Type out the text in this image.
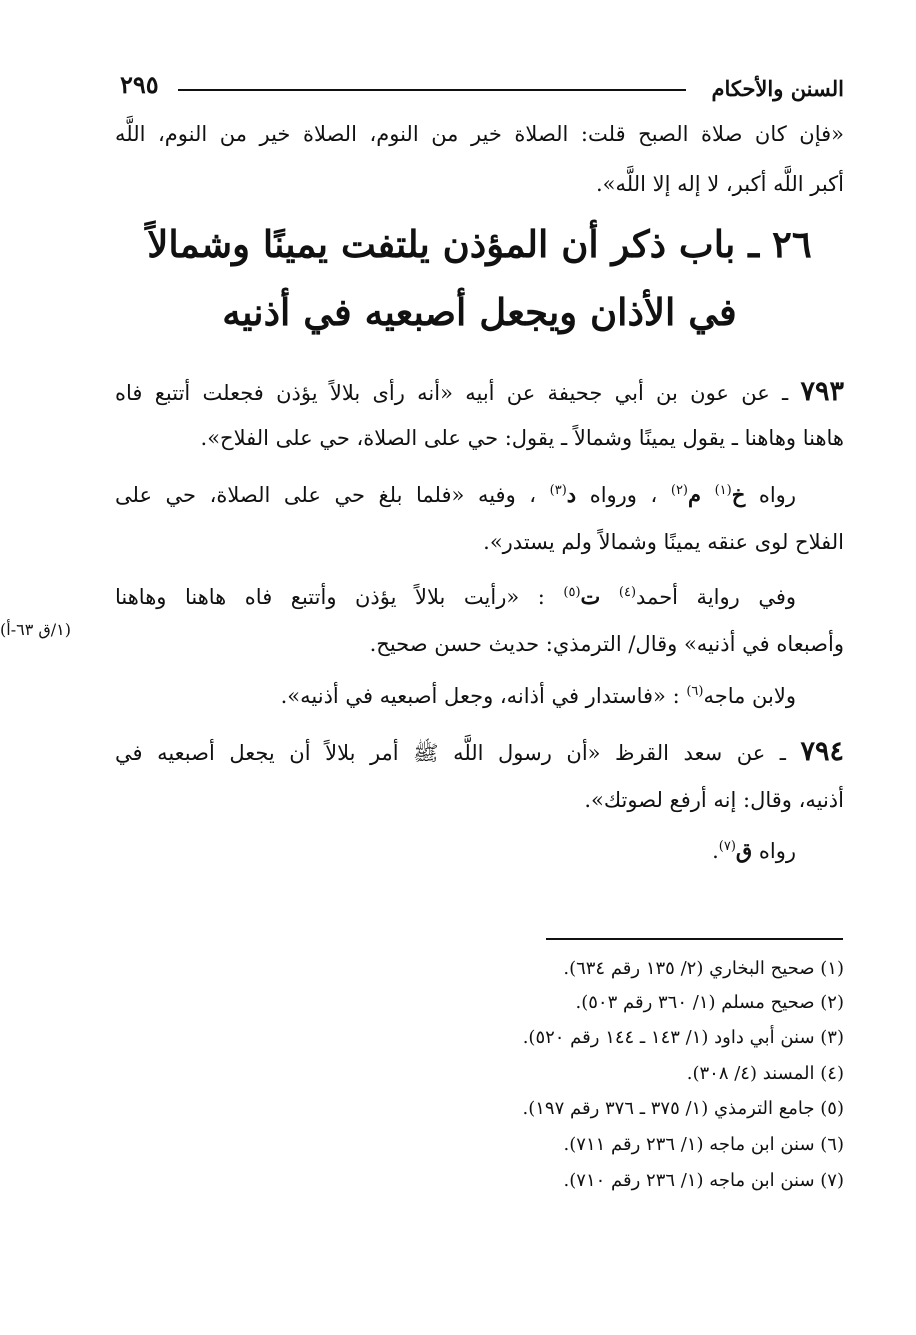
السنن والأحكام
٢٩٥
«فإن كان صلاة الصبح قلت: الصلاة خير من النوم، الصلاة خير من النوم، اللَّه
أكبر اللَّه أكبر، لا إله إلا اللَّه».
٢٦ ـ باب ذكر أن المؤذن يلتفت يمينًا وشمالاً
في الأذان ويجعل أصبعيه في أذنيه
٧٩٣ ـ عن عون بن أبي جحيفة عن أبيه «أنه رأى بلالاً يؤذن فجعلت أتتبع فاه
هاهنا وهاهنا ـ يقول يمينًا وشمالاً ـ يقول: حي على الصلاة، حي على الفلاح».
رواه خ$^{(١)}$ م$^{(٢)}$ ، ورواه د$^{(٣)}$ ، وفيه «فلما بلغ حي على الصلاة، حي على
الفلاح لوى عنقه يمينًا وشمالاً ولم يستدر».
وفي رواية أحمد$^{(٤)}$ ت$^{(٥)}$ : «رأيت بلالاً يؤذن وأتتبع فاه هاهنا وهاهنا
وأصبعاه في أذنيه» وقال/ الترمذي: حديث حسن صحيح.
ولابن ماجه$^{(٦)}$ : «فاستدار في أذانه، وجعل أصبعيه في أذنيه».
(١/ق ٦٣-أ)
٧٩٤ ـ عن سعد القرظ «أن رسول اللَّه ﷺ أمر بلالاً أن يجعل أصبعيه في
أذنيه، وقال: إنه أرفع لصوتك».
رواه ق$^{(٧)}$.
(١) صحيح البخاري (٢/ ١٣٥ رقم ٦٣٤).
(٢) صحيح مسلم (١/ ٣٦٠ رقم ٥٠٣).
(٣) سنن أبي داود (١/ ١٤٣ ـ ١٤٤ رقم ٥٢٠).
(٤) المسند (٤/ ٣٠٨).
(٥) جامع الترمذي (١/ ٣٧٥ ـ ٣٧٦ رقم ١٩٧).
(٦) سنن ابن ماجه (١/ ٢٣٦ رقم ٧١١).
(٧) سنن ابن ماجه (١/ ٢٣٦ رقم ٧١٠).
